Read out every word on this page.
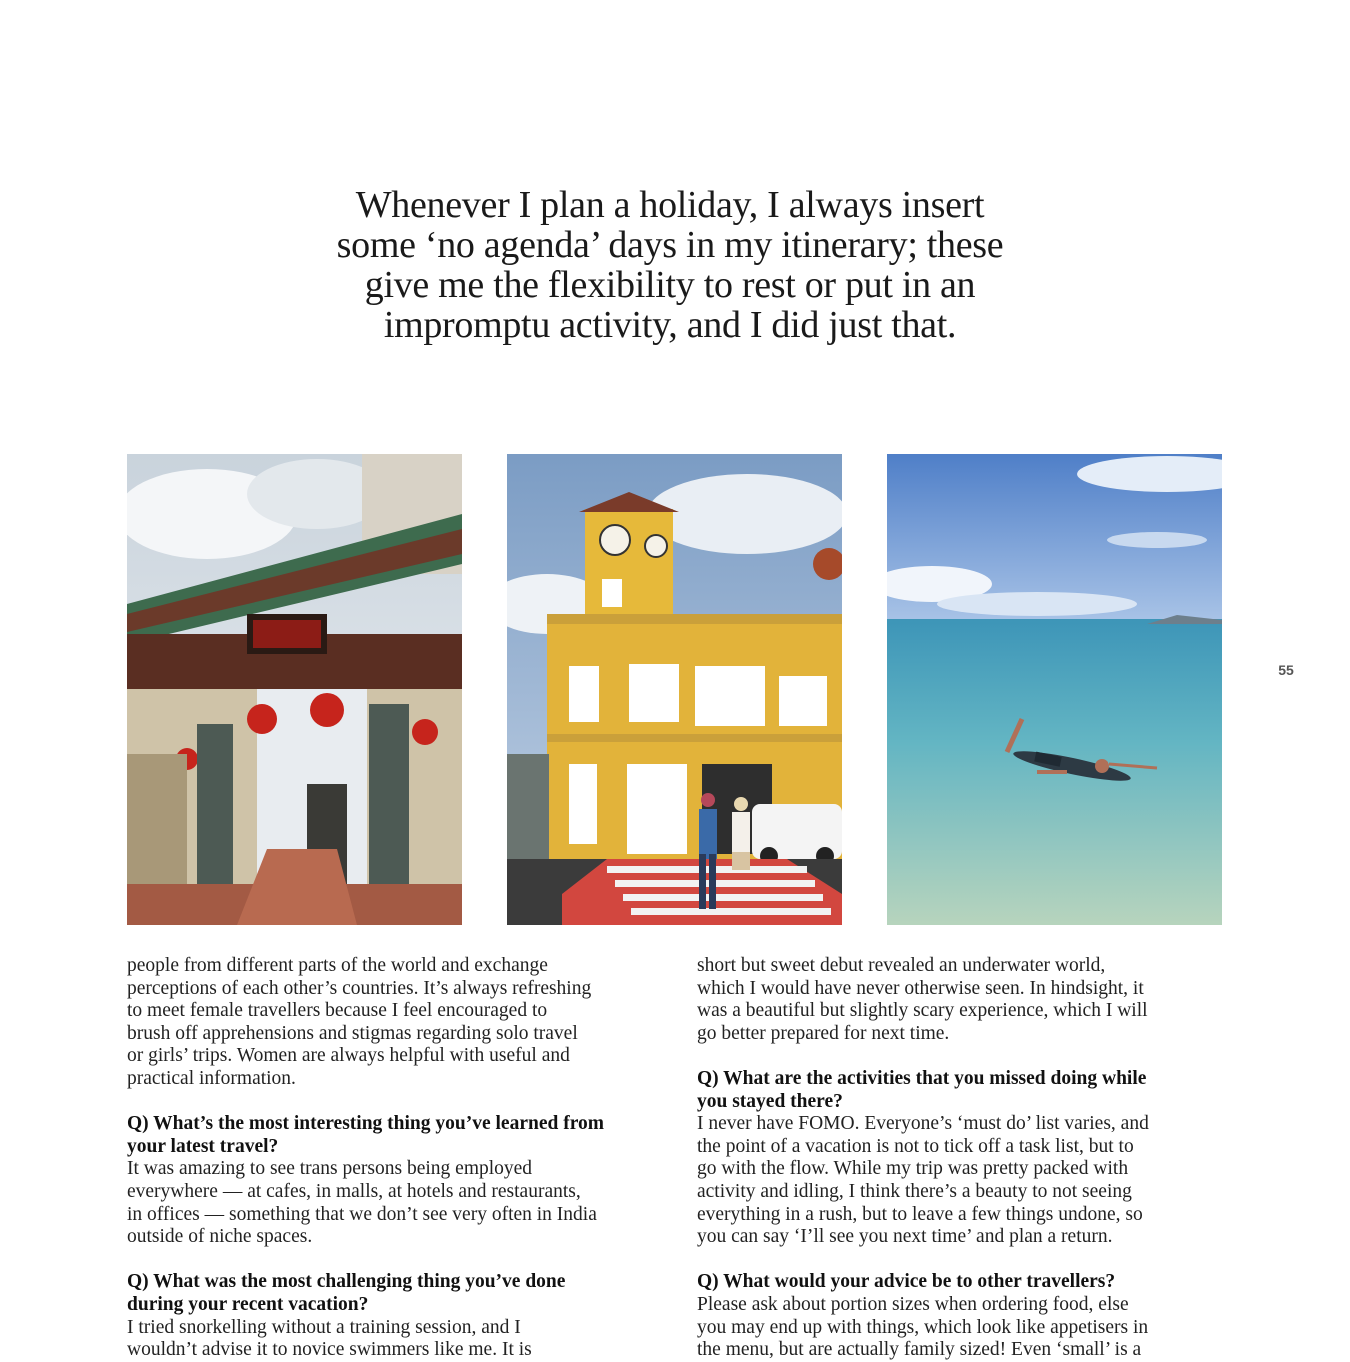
Whenever I plan a holiday, I always insert
some ‘no agenda’ days in my itinerary; these
give me the flexibility to rest or put in an
impromptu activity, and I did just that.
55

people from different parts of the world and exchange
perceptions of each other’s countries. It’s always refreshing
to meet female travellers because I feel encouraged to
brush off apprehensions and stigmas regarding solo travel
or girls’ trips. Women are always helpful with useful and
practical information.

Q) What’s the most interesting thing you’ve learned from
your latest travel?

It was amazing to see trans persons being employed
everywhere — at cafes, in malls, at hotels and restaurants,
in offices — something that we don’t see very often in India
outside of niche spaces.

Q) What was the most challenging thing you’ve done
during your recent vacation?

I tried snorkelling without a training session, and I
wouldn’t advise it to novice swimmers like me. It is

short but sweet debut revealed an underwater world,
which I would have never otherwise seen. In hindsight, it
was a beautiful but slightly scary experience, which I will
go better prepared for next time.

Q) What are the activities that you missed doing while
you stayed there?

I never have FOMO. Everyone’s ‘must do’ list varies, and
the point of a vacation is not to tick off a task list, but to
go with the flow. While my trip was pretty packed with
activity and idling, I think there’s a beauty to not seeing
everything in a rush, but to leave a few things undone, so
you can say ‘I’ll see you next time’ and plan a return.

Q) What would your advice be to other travellers?

Please ask about portion sizes when ordering food, else
you may end up with things, which look like appetisers in
the menu, but are actually family sized! Even ‘small’ is a
